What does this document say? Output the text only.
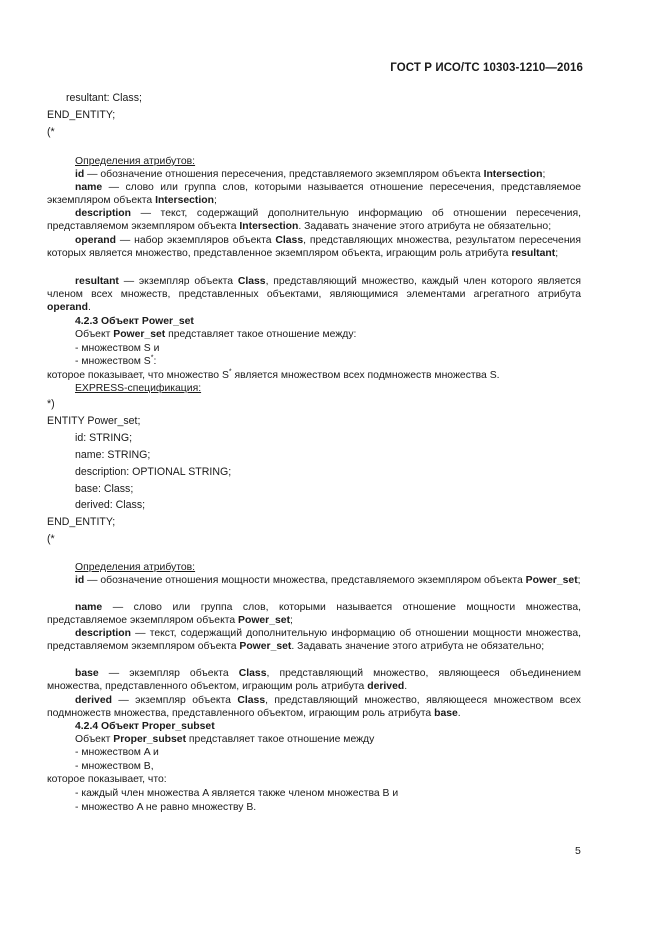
ГОСТ Р ИСО/ТС 10303-1210—2016
resultant: Class;
END_ENTITY;
(*
Определения атрибутов:
id — обозначение отношения пересечения, представляемого экземпляром объекта Intersection;
name — слово или группа слов, которыми называется отношение пересечения, представляемое экземпляром объекта Intersection;
description — текст, содержащий дополнительную информацию об отношении пересечения, представляемом экземпляром объекта Intersection. Задавать значение этого атрибута не обязательно;
operand — набор экземпляров объекта Class, представляющих множества, результатом пересечения которых является множество, представленное экземпляром объекта, играющим роль атрибута resultant;
resultant — экземпляр объекта Class, представляющий множество, каждый член которого является членом всех множеств, представленных объектами, являющимися элементами агрегатного атрибута operand.
4.2.3 Объект Power_set
Объект Power_set представляет такое отношение между:
- множеством S и
- множеством S*:
которое показывает, что множество S* является множеством всех подмножеств множества S.
EXPRESS-спецификация:
*)
ENTITY Power_set;
id: STRING;
name: STRING;
description: OPTIONAL STRING;
base: Class;
derived: Class;
END_ENTITY;
(*
Определения атрибутов:
id — обозначение отношения мощности множества, представляемого экземпляром объекта Power_set;
name — слово или группа слов, которыми называется отношение мощности множества, представляемое экземпляром объекта Power_set;
description — текст, содержащий дополнительную информацию об отношении мощности множества, представляемом экземпляром объекта Power_set. Задавать значение этого атрибута не обязательно;
base — экземпляр объекта Class, представляющий множество, являющееся объединением множества, представленного объектом, играющим роль атрибута derived.
derived — экземпляр объекта Class, представляющий множество, являющееся множеством всех подмножеств множества, представленного объектом, играющим роль атрибута base.
4.2.4 Объект Proper_subset
Объект Proper_subset представляет такое отношение между
- множеством A и
- множеством B,
которое показывает, что:
- каждый член множества A является также членом множества B и
- множество A не равно множеству B.
5
